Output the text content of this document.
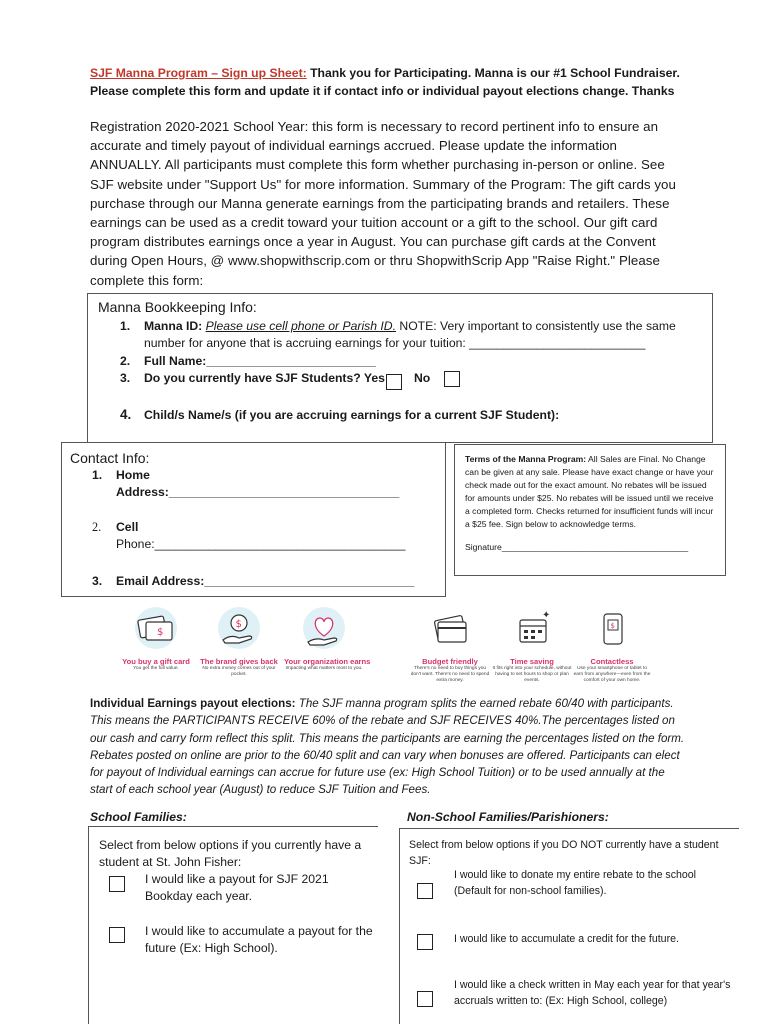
SJF Manna Program – Sign up Sheet: Thank you for Participating. Manna is our #1 School Fundraiser.
Please complete this form and update it if contact info or individual payout elections change. Thanks
Registration 2020-2021 School Year: this form is necessary to record pertinent info to ensure an accurate and timely payout of individual earnings accrued. Please update the information ANNUALLY. All participants must complete this form whether purchasing in-person or online. See SJF website under "Support Us" for more information. Summary of the Program: The gift cards you purchase through our Manna generate earnings from the participating brands and retailers. These earnings can be used as a credit toward your tuition account or a gift to the school. Our gift card program distributes earnings once a year in August. You can purchase gift cards at the Convent during Open Hours, @ www.shopwithscrip.com or thru ShopwithScrip App "Raise Right." Please complete this form:
Manna Bookkeeping Info:
1. Manna ID: Please use cell phone or Parish ID. NOTE: Very important to consistently use the same
number for anyone that is accruing earnings for your tuition: __________________________
2. Full Name:_________________________
3. Do you currently have SJF Students? Yes No
4. Child/s Name/s (if you are accruing earnings for a current SJF Student):
Contact Info:
1. Home
Address:__________________________________
2. Cell
Phone:_____________________________________
3. Email Address:_______________________________
Terms of the Manna Program: All Sales are Final. No Change can be given at any sale. Please have exact change or have your check made out for the exact amount. No rebates will be issued for amounts under $25. No rebates will be issued until we receive a completed form. Checks returned for insufficient funds will incur a $25 fee. Sign below to acknowledge terms.
Signature_______________________________________
$
You buy a gift card
You get the full value.
$
The brand gives back
No extra money comes out of your pocket.
Your organization earns
Impacting what matters most to you.
Budget friendly
There's no need to buy things you don't want. There's no need to spend extra money.
✦
Time saving
It fits right into your schedule, without having to set hours to shop or plan events.
$
Contactless
Use your smartphone or tablet to earn from anywhere—even from the comfort of your own home.
Individual Earnings payout elections: The SJF manna program splits the earned rebate 60/40 with participants. This means the PARTICIPANTS RECEIVE 60% of the rebate and SJF RECEIVES 40%.The percentages listed on our cash and carry form reflect this split. This means the participants are earning the percentages listed on the form. Rebates posted on online are prior to the 60/40 split and can vary when bonuses are offered. Participants can elect for payout of Individual earnings can accrue for future use (ex: High School Tuition) or to be used annually at the start of each school year (August) to reduce SJF Tuition and Fees.
School Families:	Non-School Families/Parishioners:
Select from below options if you currently have a student at St. John Fisher:
I would like a payout for SJF 2021 Bookday each year.
I would like to accumulate a payout for the future (Ex: High School).
Select from below options if you DO NOT currently have a student SJF:
I would like to donate my entire rebate to the school (Default for non-school families).
I would like to accumulate a credit for the future.
I would like a check written in May each year for that year's accruals written to: (Ex: High School, college)
